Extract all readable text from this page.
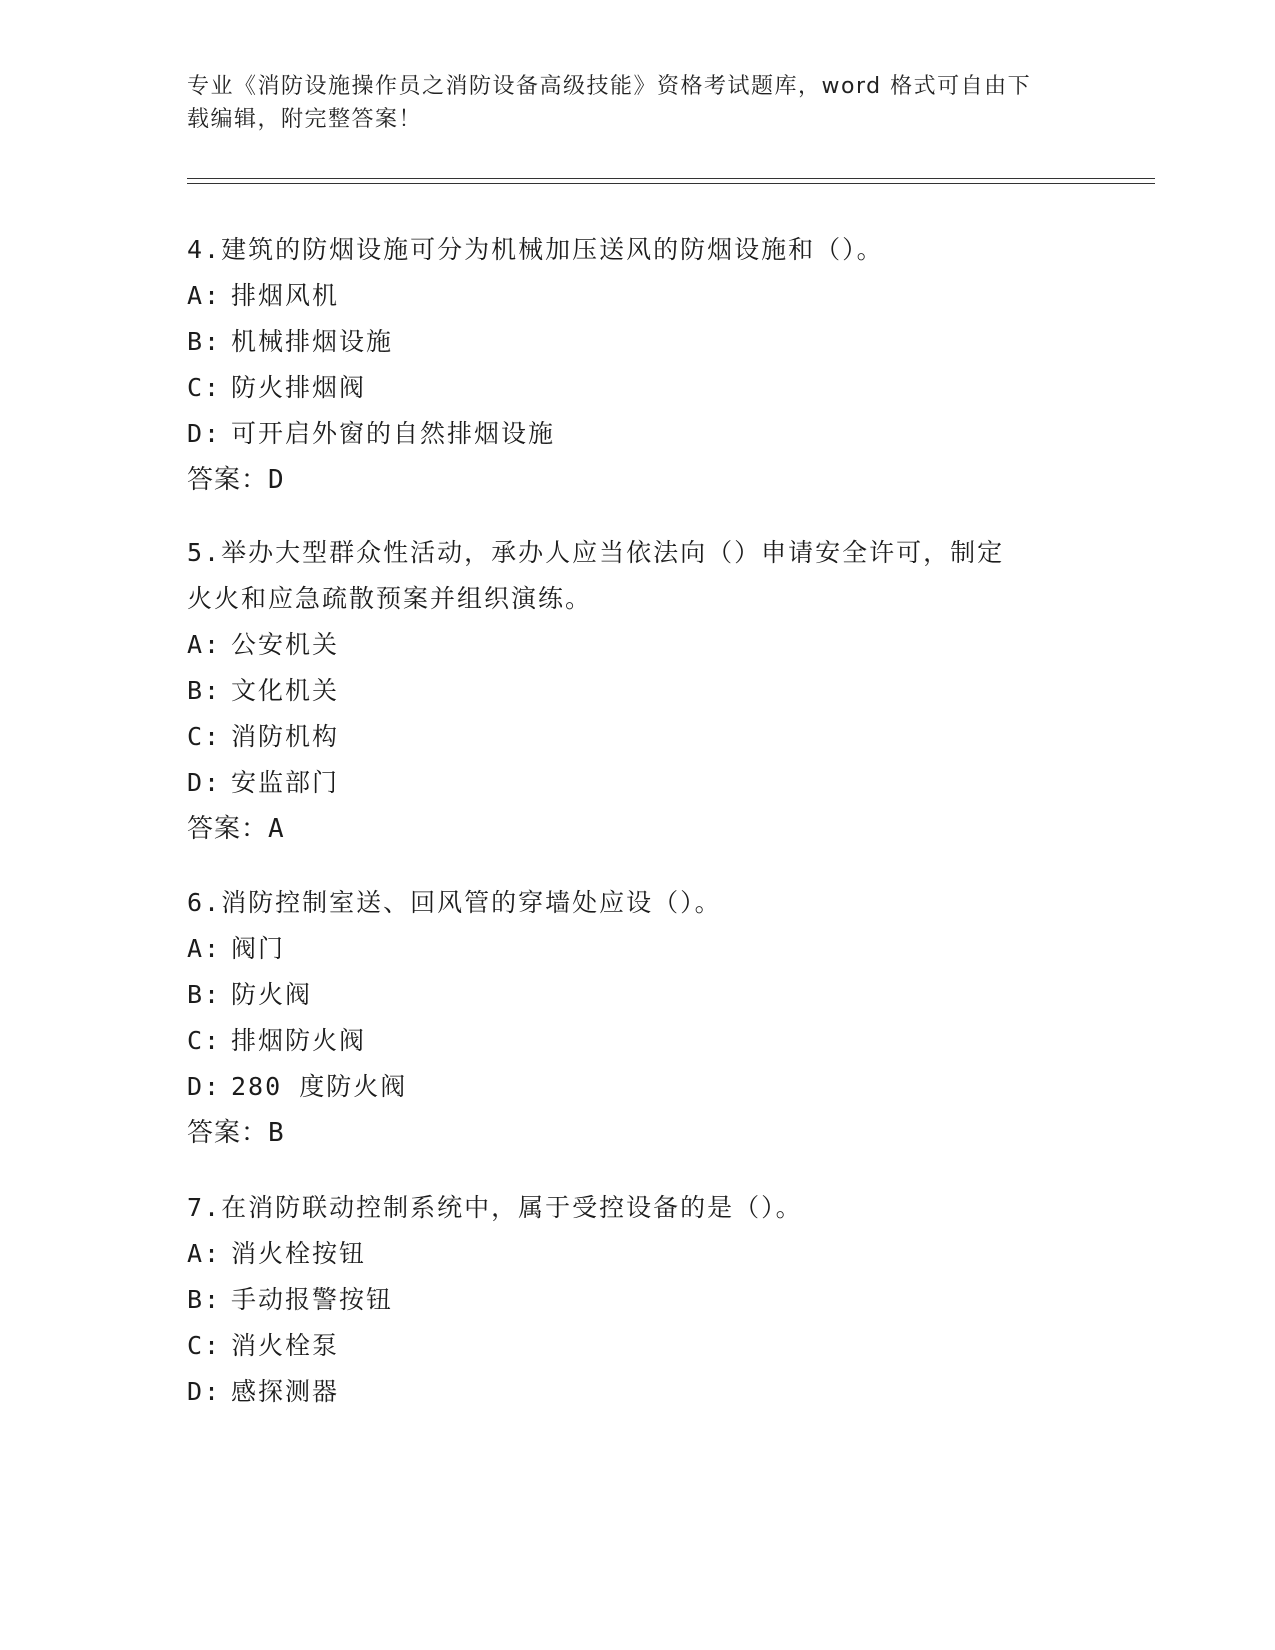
专业《消防设施操作员之消防设备高级技能》资格考试题库，word 格式可自由下
载编辑，附完整答案！
4.建筑的防烟设施可分为机械加压送风的防烟设施和（）。
A: 排烟风机
B: 机械排烟设施
C: 防火排烟阀
D: 可开启外窗的自然排烟设施
答案：D
5.举办大型群众性活动，承办人应当依法向（）申请安全许可，制定
火火和应急疏散预案并组织演练。
A: 公安机关
B: 文化机关
C: 消防机构
D: 安监部门
答案：A
6.消防控制室送、回风管的穿墙处应设（）。
A: 阀门
B: 防火阀
C: 排烟防火阀
D: 280 度防火阀
答案：B
7.在消防联动控制系统中，属于受控设备的是（）。
A: 消火栓按钮
B: 手动报警按钮
C: 消火栓泵
D: 感探测器
